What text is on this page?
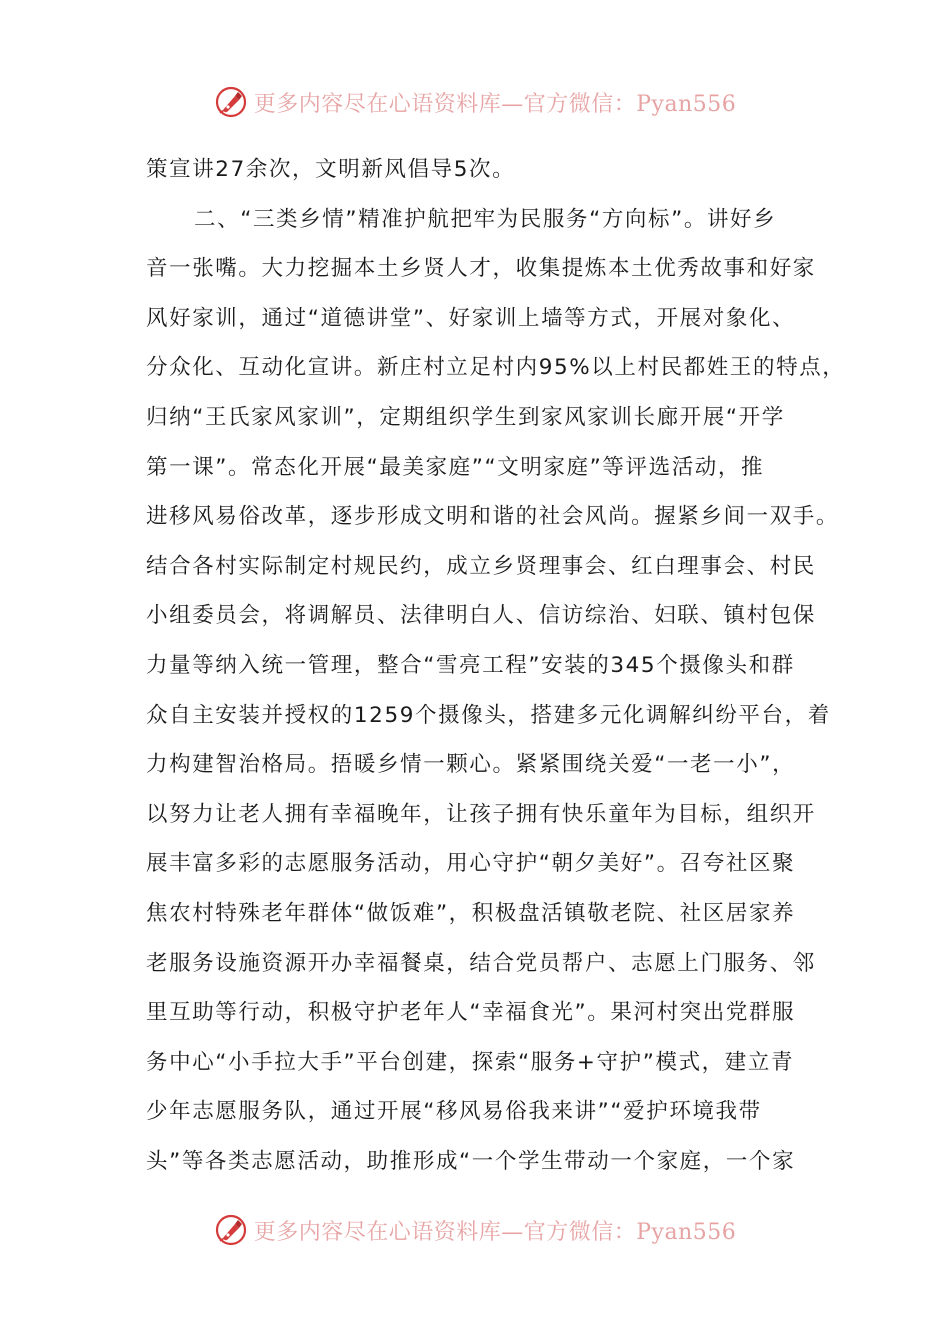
更多内容尽在心语资料库—官方微信：Pyan556
策宣讲27余次，文明新风倡导5次。
二、“三类乡情”精准护航把牢为民服务“方向标”。讲好乡
音一张嘴。大力挖掘本土乡贤人才，收集提炼本土优秀故事和好家
风好家训，通过“道德讲堂”、好家训上墙等方式，开展对象化、
分众化、互动化宣讲。新庄村立足村内95%以上村民都姓王的特点，
归纳“王氏家风家训”，定期组织学生到家风家训长廊开展“开学
第一课”。常态化开展“最美家庭”“文明家庭”等评选活动，推
进移风易俗改革，逐步形成文明和谐的社会风尚。握紧乡间一双手。
结合各村实际制定村规民约，成立乡贤理事会、红白理事会、村民
小组委员会，将调解员、法律明白人、信访综治、妇联、镇村包保
力量等纳入统一管理，整合“雪亮工程”安装的345个摄像头和群
众自主安装并授权的1259个摄像头，搭建多元化调解纠纷平台，着
力构建智治格局。捂暖乡情一颗心。紧紧围绕关爱“一老一小”，
以努力让老人拥有幸福晚年，让孩子拥有快乐童年为目标，组织开
展丰富多彩的志愿服务活动，用心守护“朝夕美好”。召夸社区聚
焦农村特殊老年群体“做饭难”，积极盘活镇敬老院、社区居家养
老服务设施资源开办幸福餐桌，结合党员帮户、志愿上门服务、邻
里互助等行动，积极守护老年人“幸福食光”。果河村突出党群服
务中心“小手拉大手”平台创建，探索“服务+守护”模式，建立青
少年志愿服务队，通过开展“移风易俗我来讲”“爱护环境我带
头”等各类志愿活动，助推形成“一个学生带动一个家庭，一个家
更多内容尽在心语资料库—官方微信：Pyan556
